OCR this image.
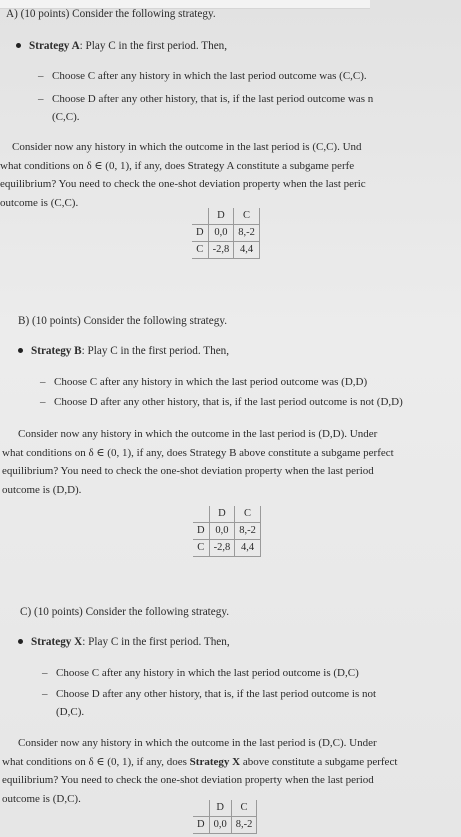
A) (10 points) Consider the following strategy.
Strategy A: Play C in the first period. Then,
– Choose C after any history in which the last period outcome was (C,C).
– Choose D after any other history, that is, if the last period outcome was n
(C,C).
Consider now any history in which the outcome in the last period is (C,C). Und
what conditions on δ ∈ (0, 1), if any, does Strategy A constitute a subgame perfe
equilibrium? You need to check the one-shot deviation property when the last peric
outcome is (C,C).
	D	C
D	0,0	8,-2
C	-2,8	4,4
B) (10 points) Consider the following strategy.
Strategy B: Play C in the first period. Then,
– Choose C after any history in which the last period outcome was (D,D)
– Choose D after any other history, that is, if the last period outcome is not (D,D)
Consider now any history in which the outcome in the last period is (D,D). Under
what conditions on δ ∈ (0, 1), if any, does Strategy B above constitute a subgame perfect
equilibrium? You need to check the one-shot deviation property when the last period
outcome is (D,D).
	D	C
D	0,0	8,-2
C	-2,8	4,4
C) (10 points) Consider the following strategy.
Strategy X: Play C in the first period. Then,
– Choose C after any history in which the last period outcome is (D,C)
– Choose D after any other history, that is, if the last period outcome is not
(D,C).
Consider now any history in which the outcome in the last period is (D,C). Under
what conditions on δ ∈ (0, 1), if any, does Strategy X above constitute a subgame perfect
equilibrium? You need to check the one-shot deviation property when the last period
outcome is (D,C).
	D	C
D	0,0	8,-2
